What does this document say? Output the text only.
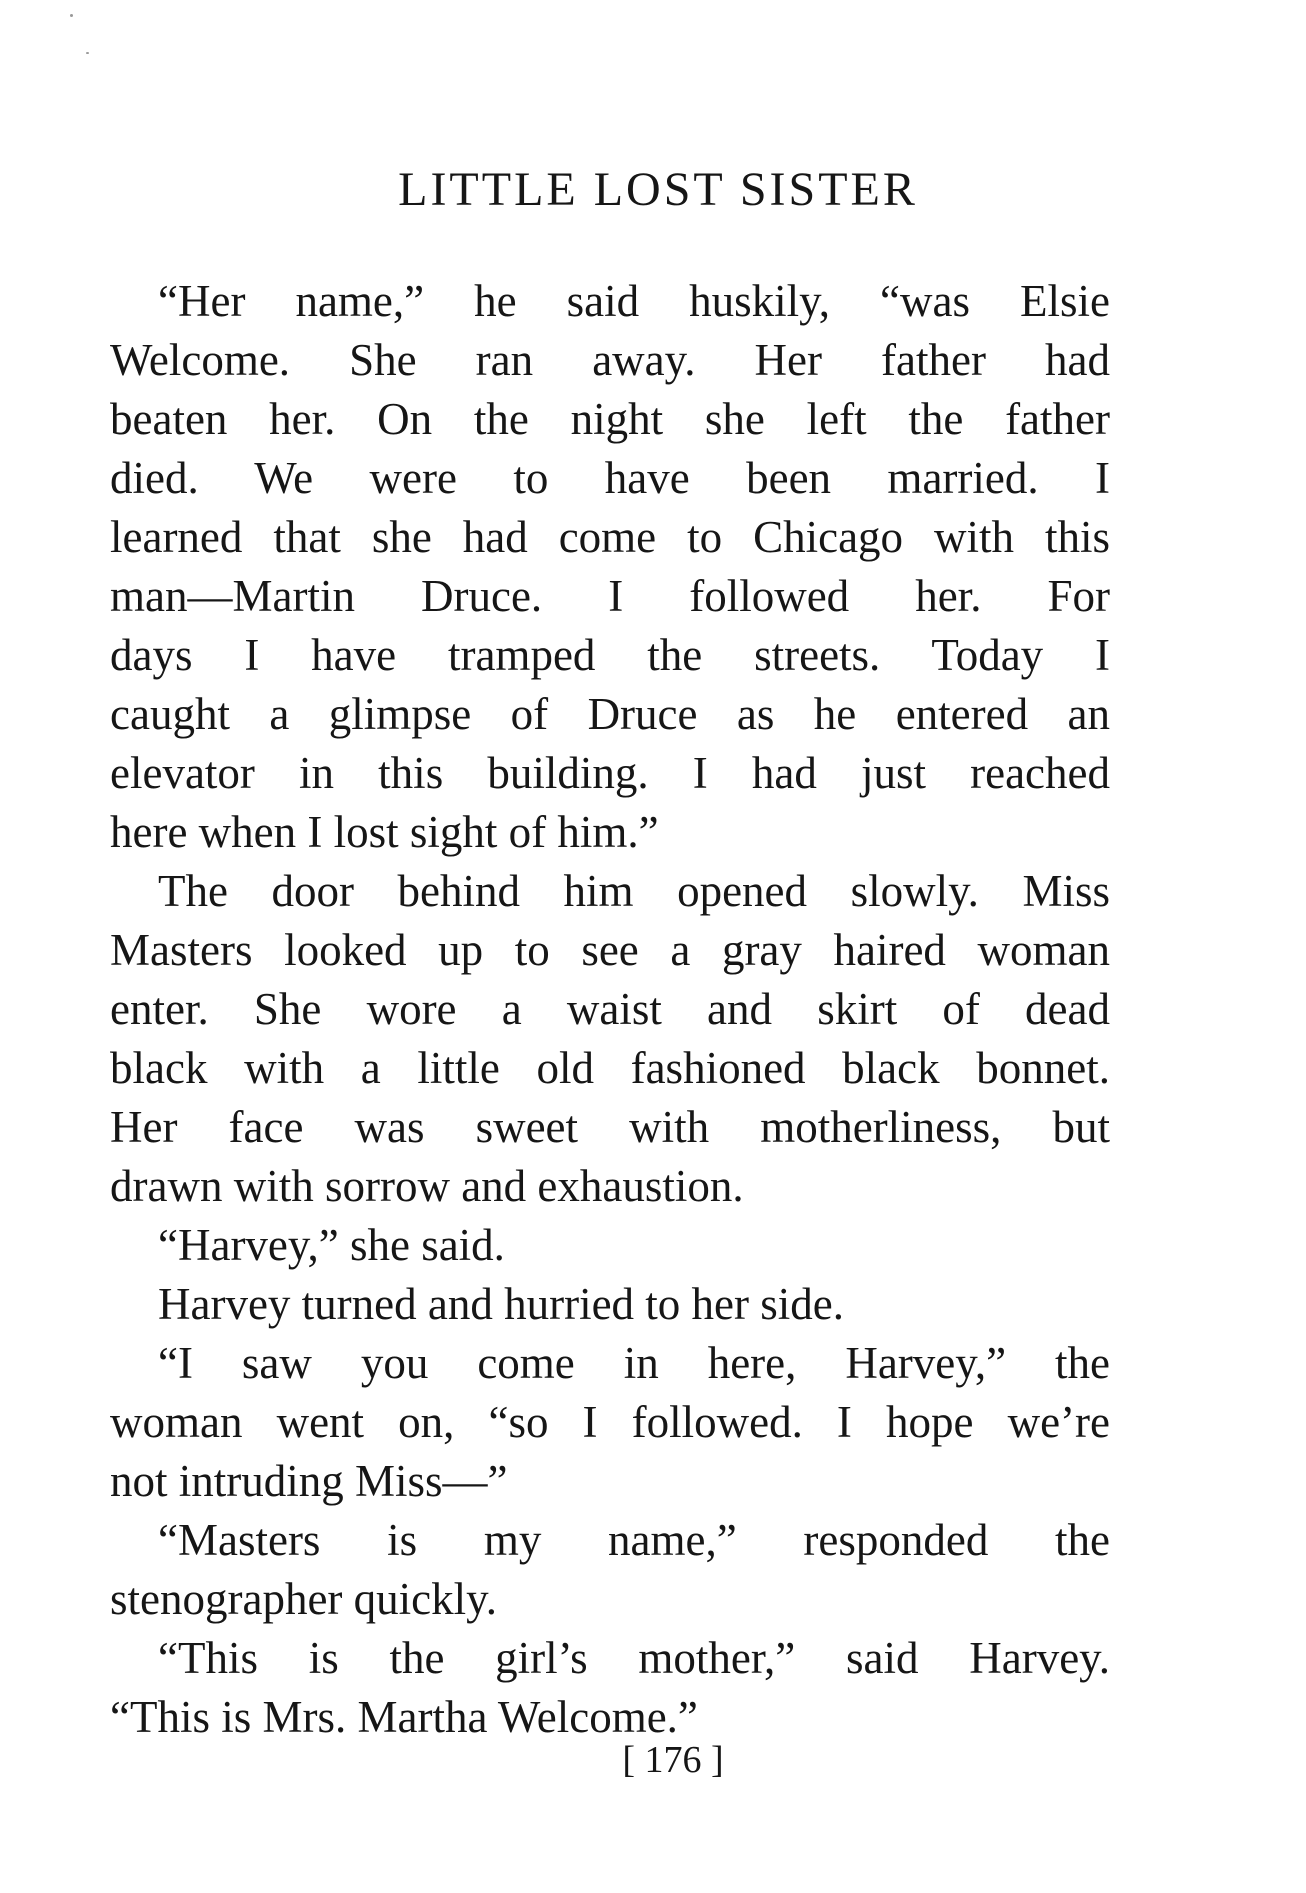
LITTLE LOST SISTER
“Her name,” he said huskily, “was Elsie
Welcome. She ran away. Her father had
beaten her. On the night she left the father
died. We were to have been married. I
learned that she had come to Chicago with this
man—Martin Druce. I followed her. For
days I have tramped the streets. Today I
caught a glimpse of Druce as he entered an
elevator in this building. I had just reached
here when I lost sight of him.”
The door behind him opened slowly. Miss
Masters looked up to see a gray haired woman
enter. She wore a waist and skirt of dead
black with a little old fashioned black bonnet.
Her face was sweet with motherliness, but
drawn with sorrow and exhaustion.
“Harvey,” she said.
Harvey turned and hurried to her side.
“I saw you come in here, Harvey,” the
woman went on, “so I followed. I hope we’re
not intruding Miss—”
“Masters is my name,” responded the
stenographer quickly.
“This is the girl’s mother,” said Harvey.
“This is Mrs. Martha Welcome.”
[ 176 ]
